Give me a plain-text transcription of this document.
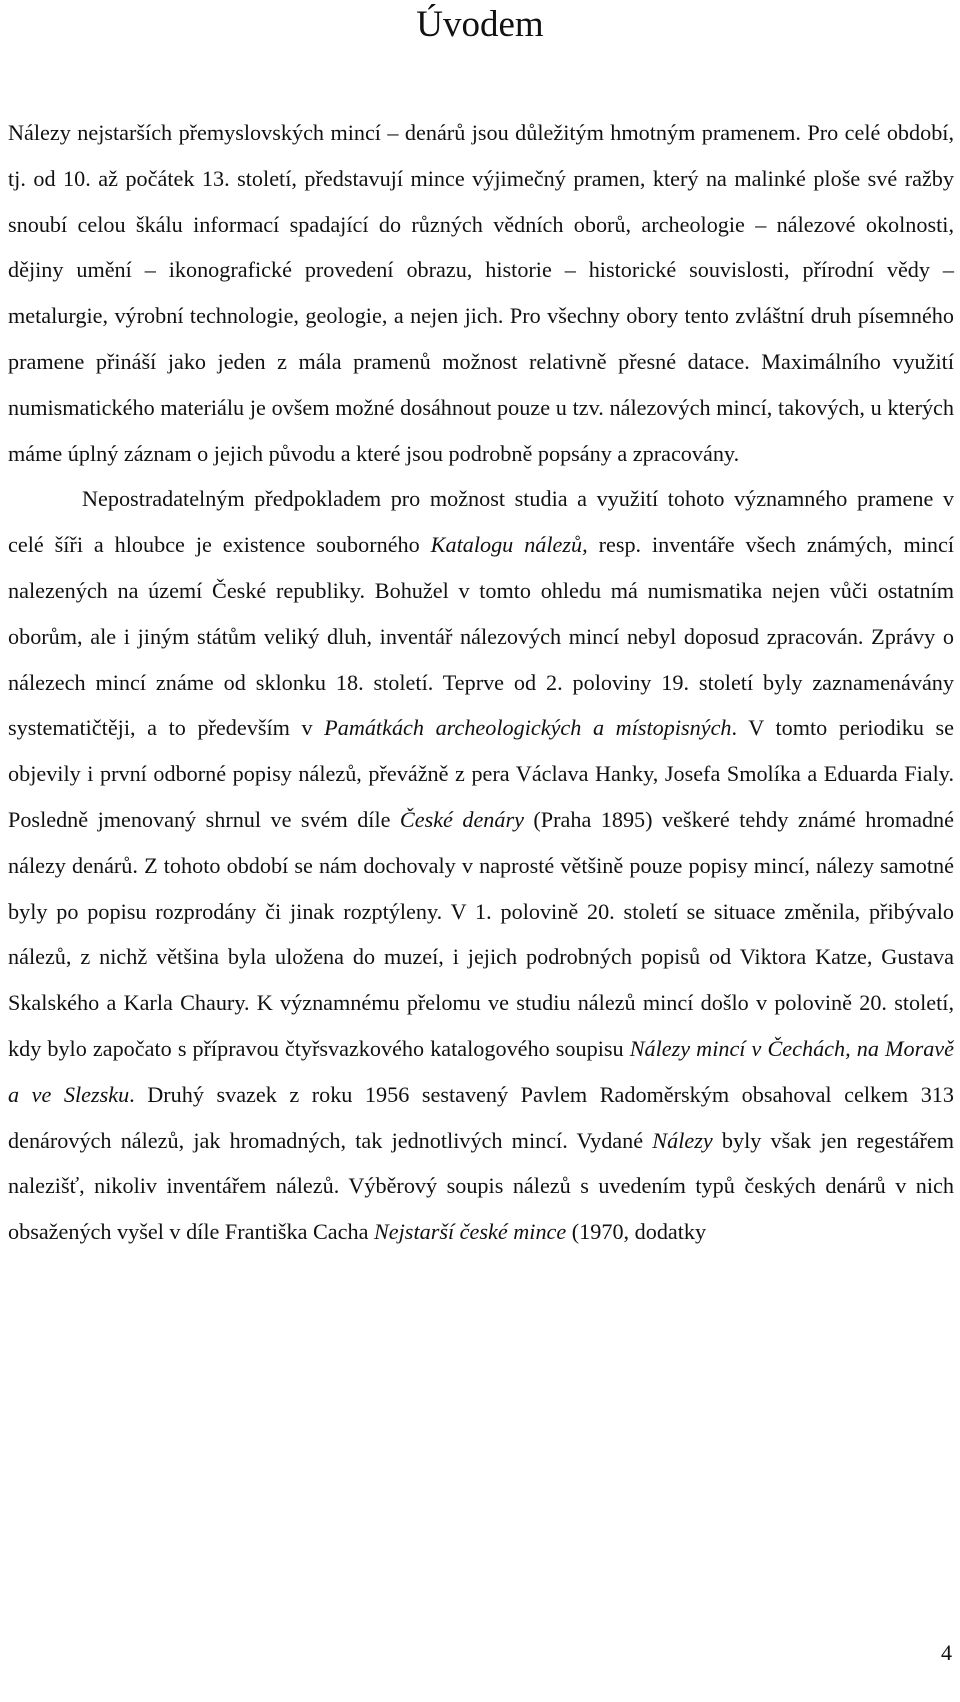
Úvodem

Nálezy nejstarších přemyslovských mincí – denárů jsou důležitým hmotným pramenem. Pro celé období, tj. od 10. až počátek 13. století, představují mince výjimečný pramen, který na malinké ploše své ražby snoubí celou škálu informací spadající do různých vědních oborů, archeologie – nálezové okolnosti, dějiny umění – ikonografické provedení obrazu, historie – historické souvislosti, přírodní vědy – metalurgie, výrobní technologie, geologie, a nejen jich. Pro všechny obory tento zvláštní druh písemného pramene přináší jako jeden z mála pramenů možnost relativně přesné datace. Maximálního využití numismatického materiálu je ovšem možné dosáhnout pouze u tzv. nálezových mincí, takových, u kterých máme úplný záznam o jejich původu a které jsou podrobně popsány a zpracovány.

Nepostradatelným předpokladem pro možnost studia a využití tohoto významného pramene v celé šíři a hloubce je existence souborného Katalogu nálezů, resp. inventáře všech známých, mincí nalezených na území České republiky. Bohužel v tomto ohledu má numismatika nejen vůči ostatním oborům, ale i jiným státům veliký dluh, inventář nálezových mincí nebyl doposud zpracován. Zprávy o nálezech mincí známe od sklonku 18. století. Teprve od 2. poloviny 19. století byly zaznamenávány systematičtěji, a to především v Památkách archeologických a místopisných. V tomto periodiku se objevily i první odborné popisy nálezů, převážně z pera Václava Hanky, Josefa Smolíka a Eduarda Fialy. Posledně jmenovaný shrnul ve svém díle České denáry (Praha 1895) veškeré tehdy známé hromadné nálezy denárů. Z tohoto období se nám dochovaly v naprosté většině pouze popisy mincí, nálezy samotné byly po popisu rozprodány či jinak rozptýleny. V 1. polovině 20. století se situace změnila, přibývalo nálezů, z nichž většina byla uložena do muzeí, i jejich podrobných popisů od Viktora Katze, Gustava Skalského a Karla Chaury. K významnému přelomu ve studiu nálezů mincí došlo v polovině 20. století, kdy bylo započato s přípravou čtyřsvazkového katalogového soupisu Nálezy mincí v Čechách, na Moravě a ve Slezsku. Druhý svazek z roku 1956 sestavený Pavlem Radoměrským obsahoval celkem 313 denárových nálezů, jak hromadných, tak jednotlivých mincí. Vydané Nálezy byly však jen regestářem nalezišť, nikoliv inventářem nálezů. Výběrový soupis nálezů s uvedením typů českých denárů v nich obsažených vyšel v díle Františka Cacha Nejstarší české mince (1970, dodatky

4
